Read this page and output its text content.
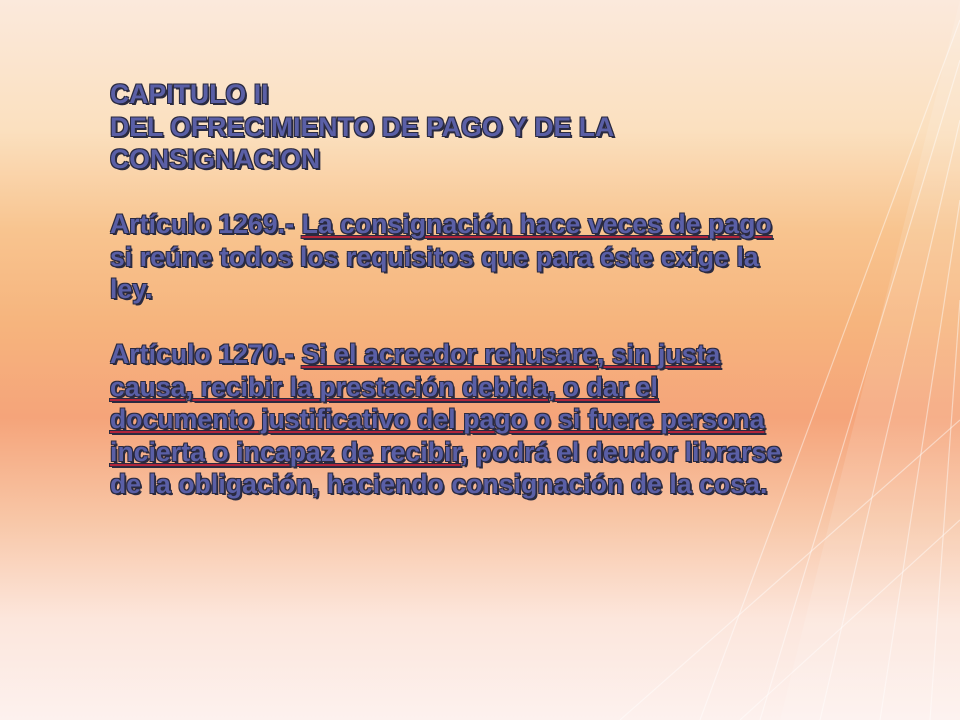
CAPITULO II

DEL OFRECIMIENTO DE PAGO Y DE LA

CONSIGNACION

Artículo 1269.- La consignación hace veces de pago

si reúne todos los requisitos que para éste exige la

ley.

Artículo 1270.- Si el acreedor rehusare, sin justa

causa, recibir la prestación debida, o dar el

documento justificativo del pago o si fuere persona

incierta o incapaz de recibir, podrá el deudor librarse

de la obligación, haciendo consignación de la cosa.
